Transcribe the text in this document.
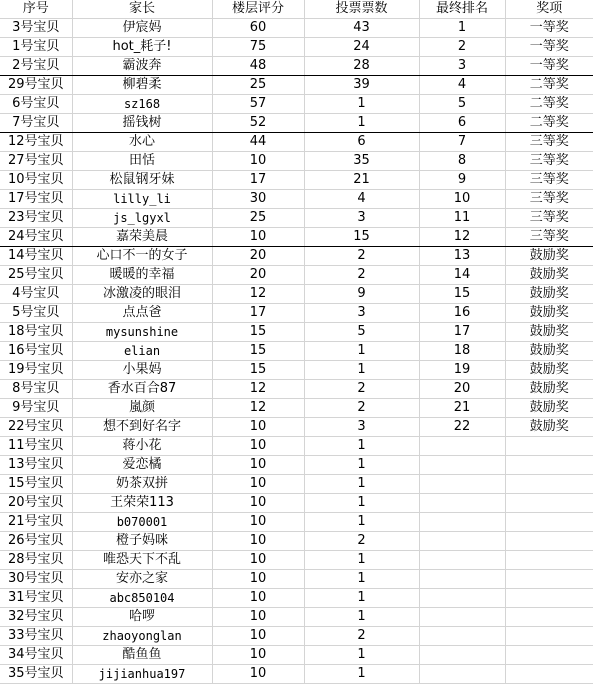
序号	家长	楼层评分	投票票数	最终排名	奖项
3号宝贝	伊宸妈	60	43	1	一等奖
1号宝贝	hot_耗子!	75	24	2	一等奖
2号宝贝	霸波奔	48	28	3	一等奖
29号宝贝	柳碧柔	25	39	4	二等奖
6号宝贝	sz168	57	1	5	二等奖
7号宝贝	摇钱树	52	1	6	二等奖
12号宝贝	水心	44	6	7	三等奖
27号宝贝	田恬	10	35	8	三等奖
10号宝贝	松鼠钢牙妹	17	21	9	三等奖
17号宝贝	lilly_li	30	4	10	三等奖
23号宝贝	js_lgyxl	25	3	11	三等奖
24号宝贝	嘉荣美晨	10	15	12	三等奖
14号宝贝	心口不一的女子	20	2	13	鼓励奖
25号宝贝	暖暖的幸福	20	2	14	鼓励奖
4号宝贝	冰激凌的眼泪	12	9	15	鼓励奖
5号宝贝	点点爸	17	3	16	鼓励奖
18号宝贝	mysunshine	15	5	17	鼓励奖
16号宝贝	elian	15	1	18	鼓励奖
19号宝贝	小果妈	15	1	19	鼓励奖
8号宝贝	香水百合87	12	2	20	鼓励奖
9号宝贝	嵐颜	12	2	21	鼓励奖
22号宝贝	想不到好名字	10	3	22	鼓励奖
11号宝贝	蒋小花	10	1		
13号宝贝	爱恋橘	10	1		
15号宝贝	奶茶双拼	10	1		
20号宝贝	王荣荣113	10	1		
21号宝贝	b070001	10	1		
26号宝贝	橙子妈咪	10	2		
28号宝贝	唯恐天下不乱	10	1		
30号宝贝	安亦之家	10	1		
31号宝贝	abc850104	10	1		
32号宝贝	哈啰	10	1		
33号宝贝	zhaoyonglan	10	2		
34号宝贝	酷鱼鱼	10	1		
35号宝贝	jijianhua197	10	1		
